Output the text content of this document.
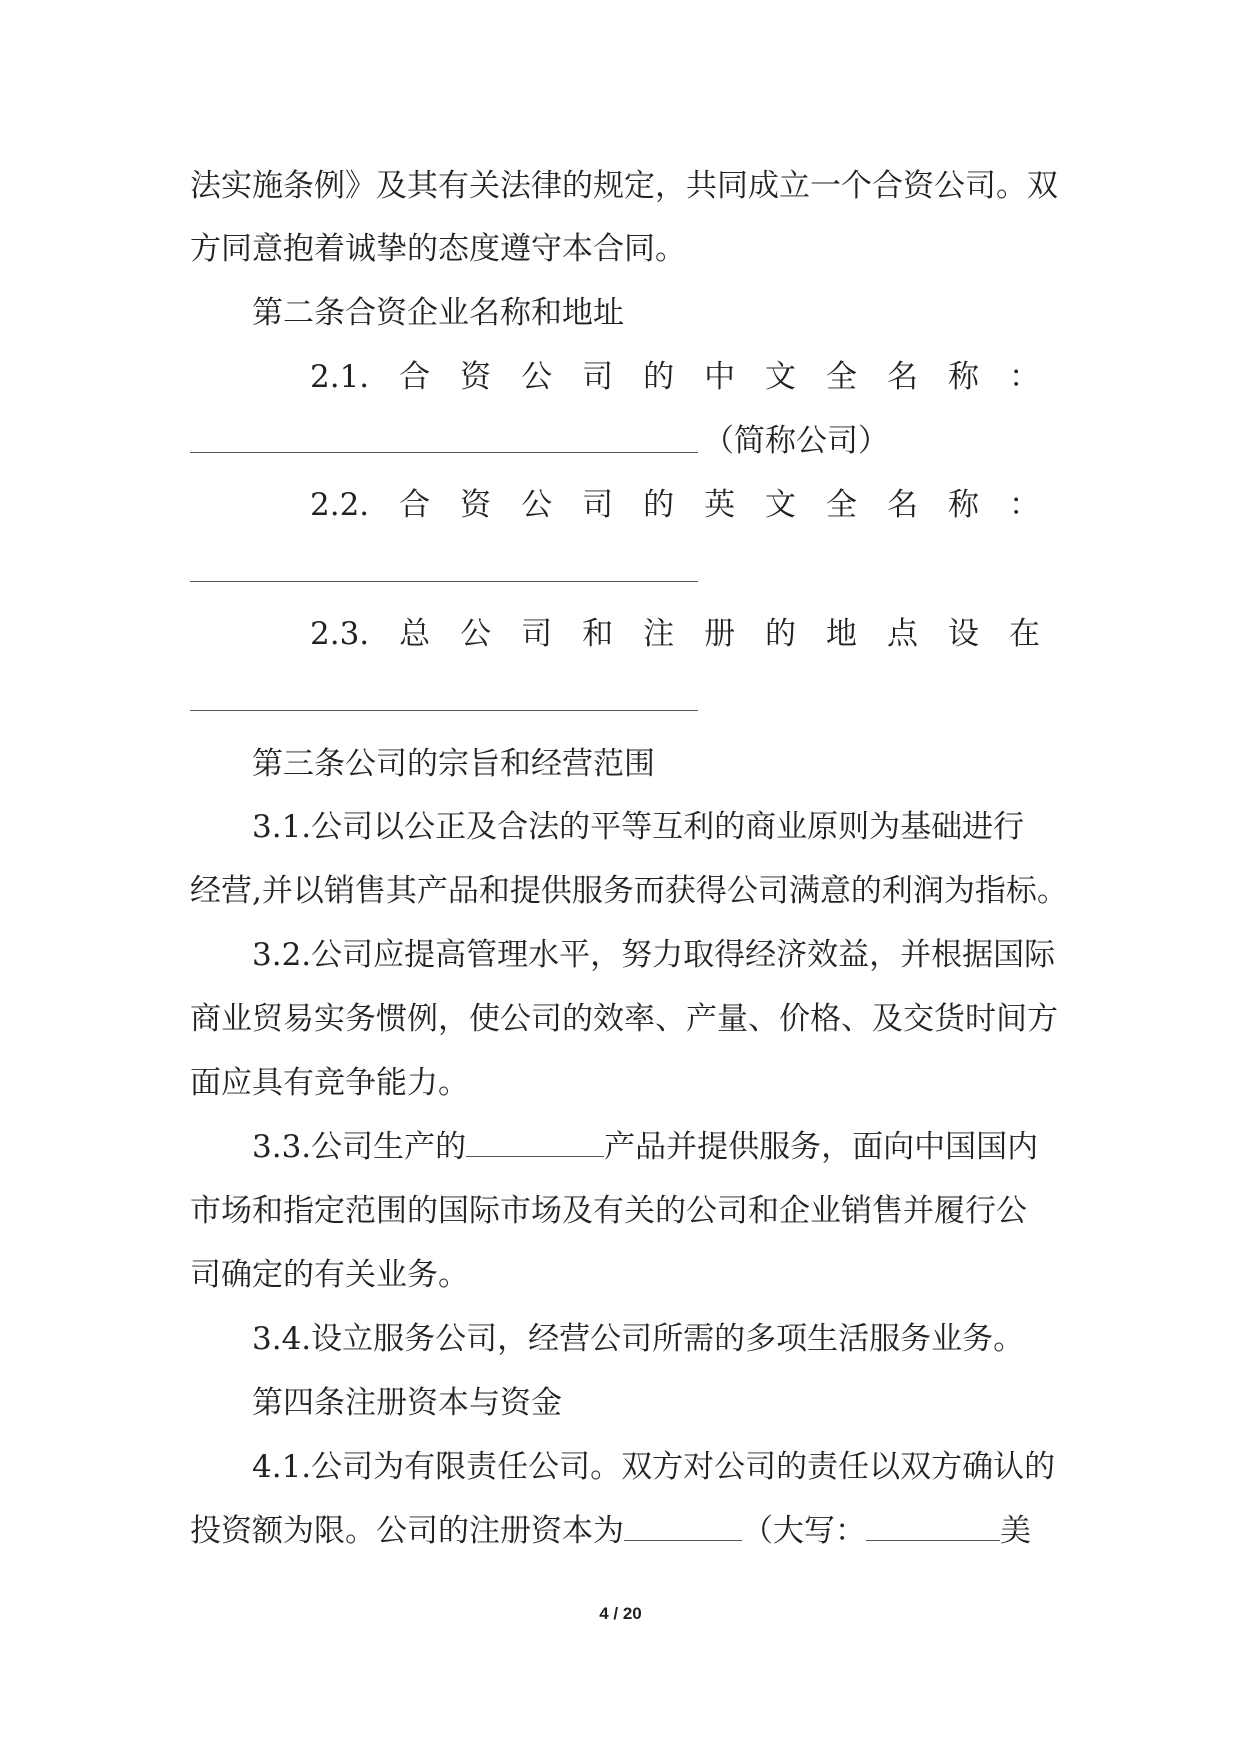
法实施条例》及其有关法律的规定，共同成立一个合资公司。双
方同意抱着诚挚的态度遵守本合同。
第二条合资企业名称和地址
2.1. 合 资 公 司 的 中 文 全 名 称 ：
（简称公司）
2.2. 合 资 公 司 的 英 文 全 名 称 ：
2.3. 总 公 司 和 注 册 的 地 点 设 在
第三条公司的宗旨和经营范围
3.1.公司以公正及合法的平等互利的商业原则为基础进行
经营,并以销售其产品和提供服务而获得公司满意的利润为指标。
3.2.公司应提高管理水平，努力取得经济效益，并根据国际
商业贸易实务惯例，使公司的效率、产量、价格、及交货时间方
面应具有竞争能力。
3.3.公司生产的	产品并提供服务，面向中国国内
市场和指定范围的国际市场及有关的公司和企业销售并履行公
司确定的有关业务。
3.4.设立服务公司，经营公司所需的多项生活服务业务。
第四条注册资本与资金
4.1.公司为有限责任公司。双方对公司的责任以双方确认的
投资额为限。公司的注册资本为	（大写：	美
4 / 20
